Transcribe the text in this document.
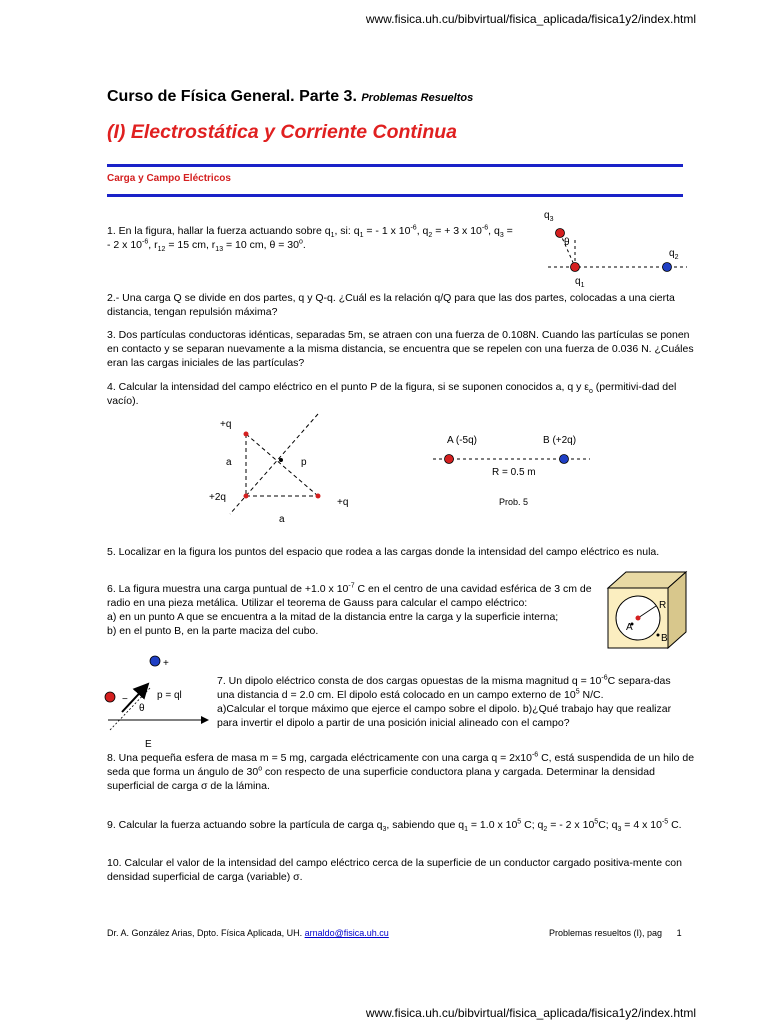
www.fisica.uh.cu/bibvirtual/fisica_aplicada/fisica1y2/index.html
Curso de Física General. Parte 3. Problemas Resueltos
(I) Electrostática y Corriente Continua
Carga y Campo Eléctricos
1. En la figura, hallar la fuerza actuando sobre $q_1$, si: $q_1$ = - 1 x $10^{-6}$, $q_2$ = + 3 x $10^{-6}$, $q_3$ = - 2 x $10^{-6}$, $r_{12} = 15$ cm, $r_{13} = 10$ cm, $\theta = 30^o$.
$q_3$
θ
$q_2$
$q_1$
2.- Una carga Q se divide en dos partes, q y Q-q. ¿Cuál es la relación q/Q para que las dos partes, colocadas a una cierta distancia, tengan repulsión máxima?
3. Dos partículas conductoras idénticas, separadas 5m, se atraen con una fuerza de 0.108N. Cuando las partículas se ponen en contacto y se separan nuevamente a la misma distancia, se encuentra que se repelen con una fuerza de 0.036 N. ¿Cuáles eran las cargas iniciales de las partículas?
4. Calcular la intensidad del campo eléctrico en el punto P de la figura, si se suponen conocidos a, q y $\varepsilon_o$ (permitivi-dad del vacío).
+q
a	p
+2q	+q
a
A (-5q)	B (+2q)
R = 0.5 m
Prob. 5
5. Localizar en la figura los puntos del espacio que rodea a las cargas donde la intensidad del campo eléctrico es nula.
6. La figura muestra una carga puntual de +1.0 x $10^{-7}$ C en el centro de una cavidad esférica de 3 cm de radio en una pieza metálica. Utilizar el teorema de Gauss para calcular el campo eléctrico:
a) en un punto A que se encuentra a la mitad de la distancia entre la carga y la superficie interna;
b) en el punto B, en la parte maciza del cubo.
R
A
B
+
−	p = ql
θ
E
7. Un dipolo eléctrico consta de dos cargas opuestas de la misma magnitud $q = 10^{-6}C$ separa-das una distancia d = 2.0 cm. El dipolo está colocado en un campo externo de $10^5$ N/C.
a)Calcular el torque máximo que ejerce el campo sobre el dipolo. b)¿Qué trabajo hay que realizar para invertir el dipolo a partir de una posición inicial alineado con el campo?
8. Una pequeña esfera de masa m = 5 mg, cargada eléctricamente con una carga $q = 2x10^{-6}$ C, está suspendida de un hilo de seda que forma un ángulo de 30$^o$ con respecto de una superficie conductora plana y cargada. Determinar la densidad superficial de carga σ de la lámina.
9. Calcular la fuerza actuando sobre la partícula de carga $q_3$, sabiendo que $q_1 = 1.0$ x $10^5$ C; $q_2$ = - 2 x $10^5C$; $q_3 = 4$ x $10^{-5}$ C.
10. Calcular el valor de la intensidad del campo eléctrico cerca de la superficie de un conductor cargado positiva-mente con densidad superficial de carga (variable) σ.
Dr. A. González Arias, Dpto. Física Aplicada, UH. arnaldo@fisica.uh.cu	Problemas resueltos (I), pag 1
www.fisica.uh.cu/bibvirtual/fisica_aplicada/fisica1y2/index.html
